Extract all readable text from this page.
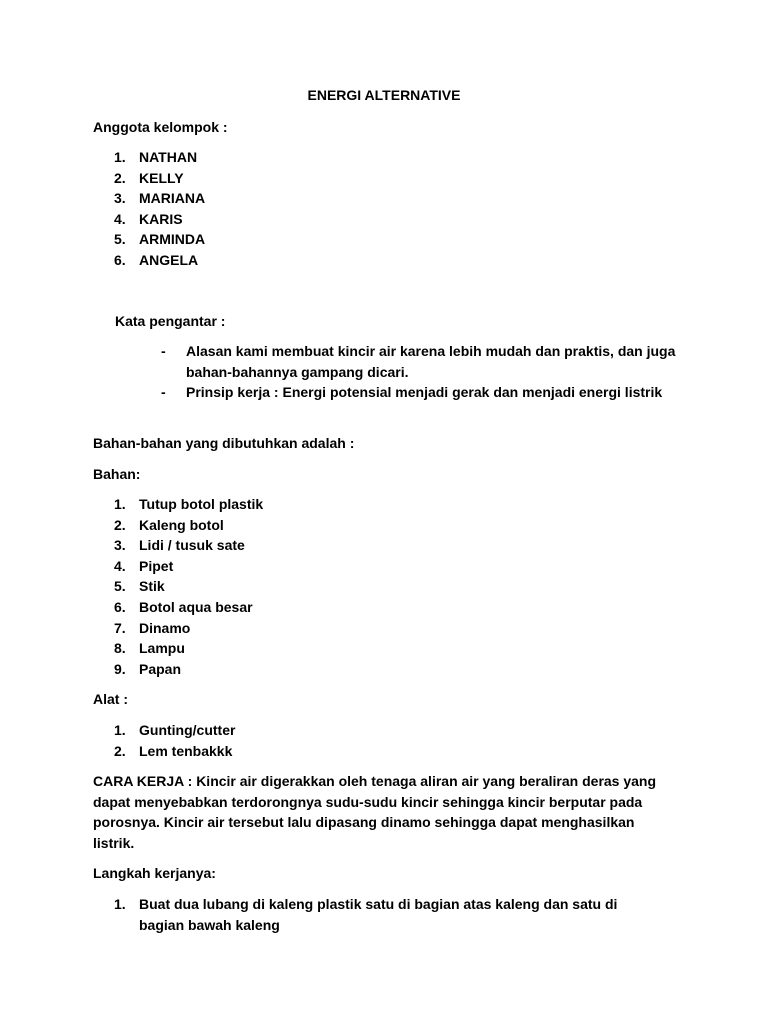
ENERGI ALTERNATIVE
Anggota kelompok :
1. NATHAN
2. KELLY
3. MARIANA
4. KARIS
5. ARMINDA
6. ANGELA
Kata pengantar :
- Alasan kami membuat kincir air karena lebih mudah dan praktis, dan juga bahan-bahannya gampang dicari.
- Prinsip kerja : Energi potensial menjadi gerak dan menjadi energi listrik
Bahan-bahan yang dibutuhkan adalah :
Bahan:
1. Tutup botol plastik
2. Kaleng botol
3. Lidi / tusuk sate
4. Pipet
5. Stik
6. Botol aqua besar
7. Dinamo
8. Lampu
9. Papan
Alat :
1. Gunting/cutter
2. Lem tenbakkk
CARA KERJA : Kincir air digerakkan oleh tenaga aliran air yang beraliran deras yang dapat menyebabkan terdorongnya sudu-sudu kincir sehingga kincir berputar pada porosnya. Kincir air tersebut lalu dipasang dinamo sehingga dapat menghasilkan listrik.
Langkah kerjanya:
1. Buat dua lubang di kaleng plastik satu di bagian atas kaleng dan satu di bagian bawah kaleng
